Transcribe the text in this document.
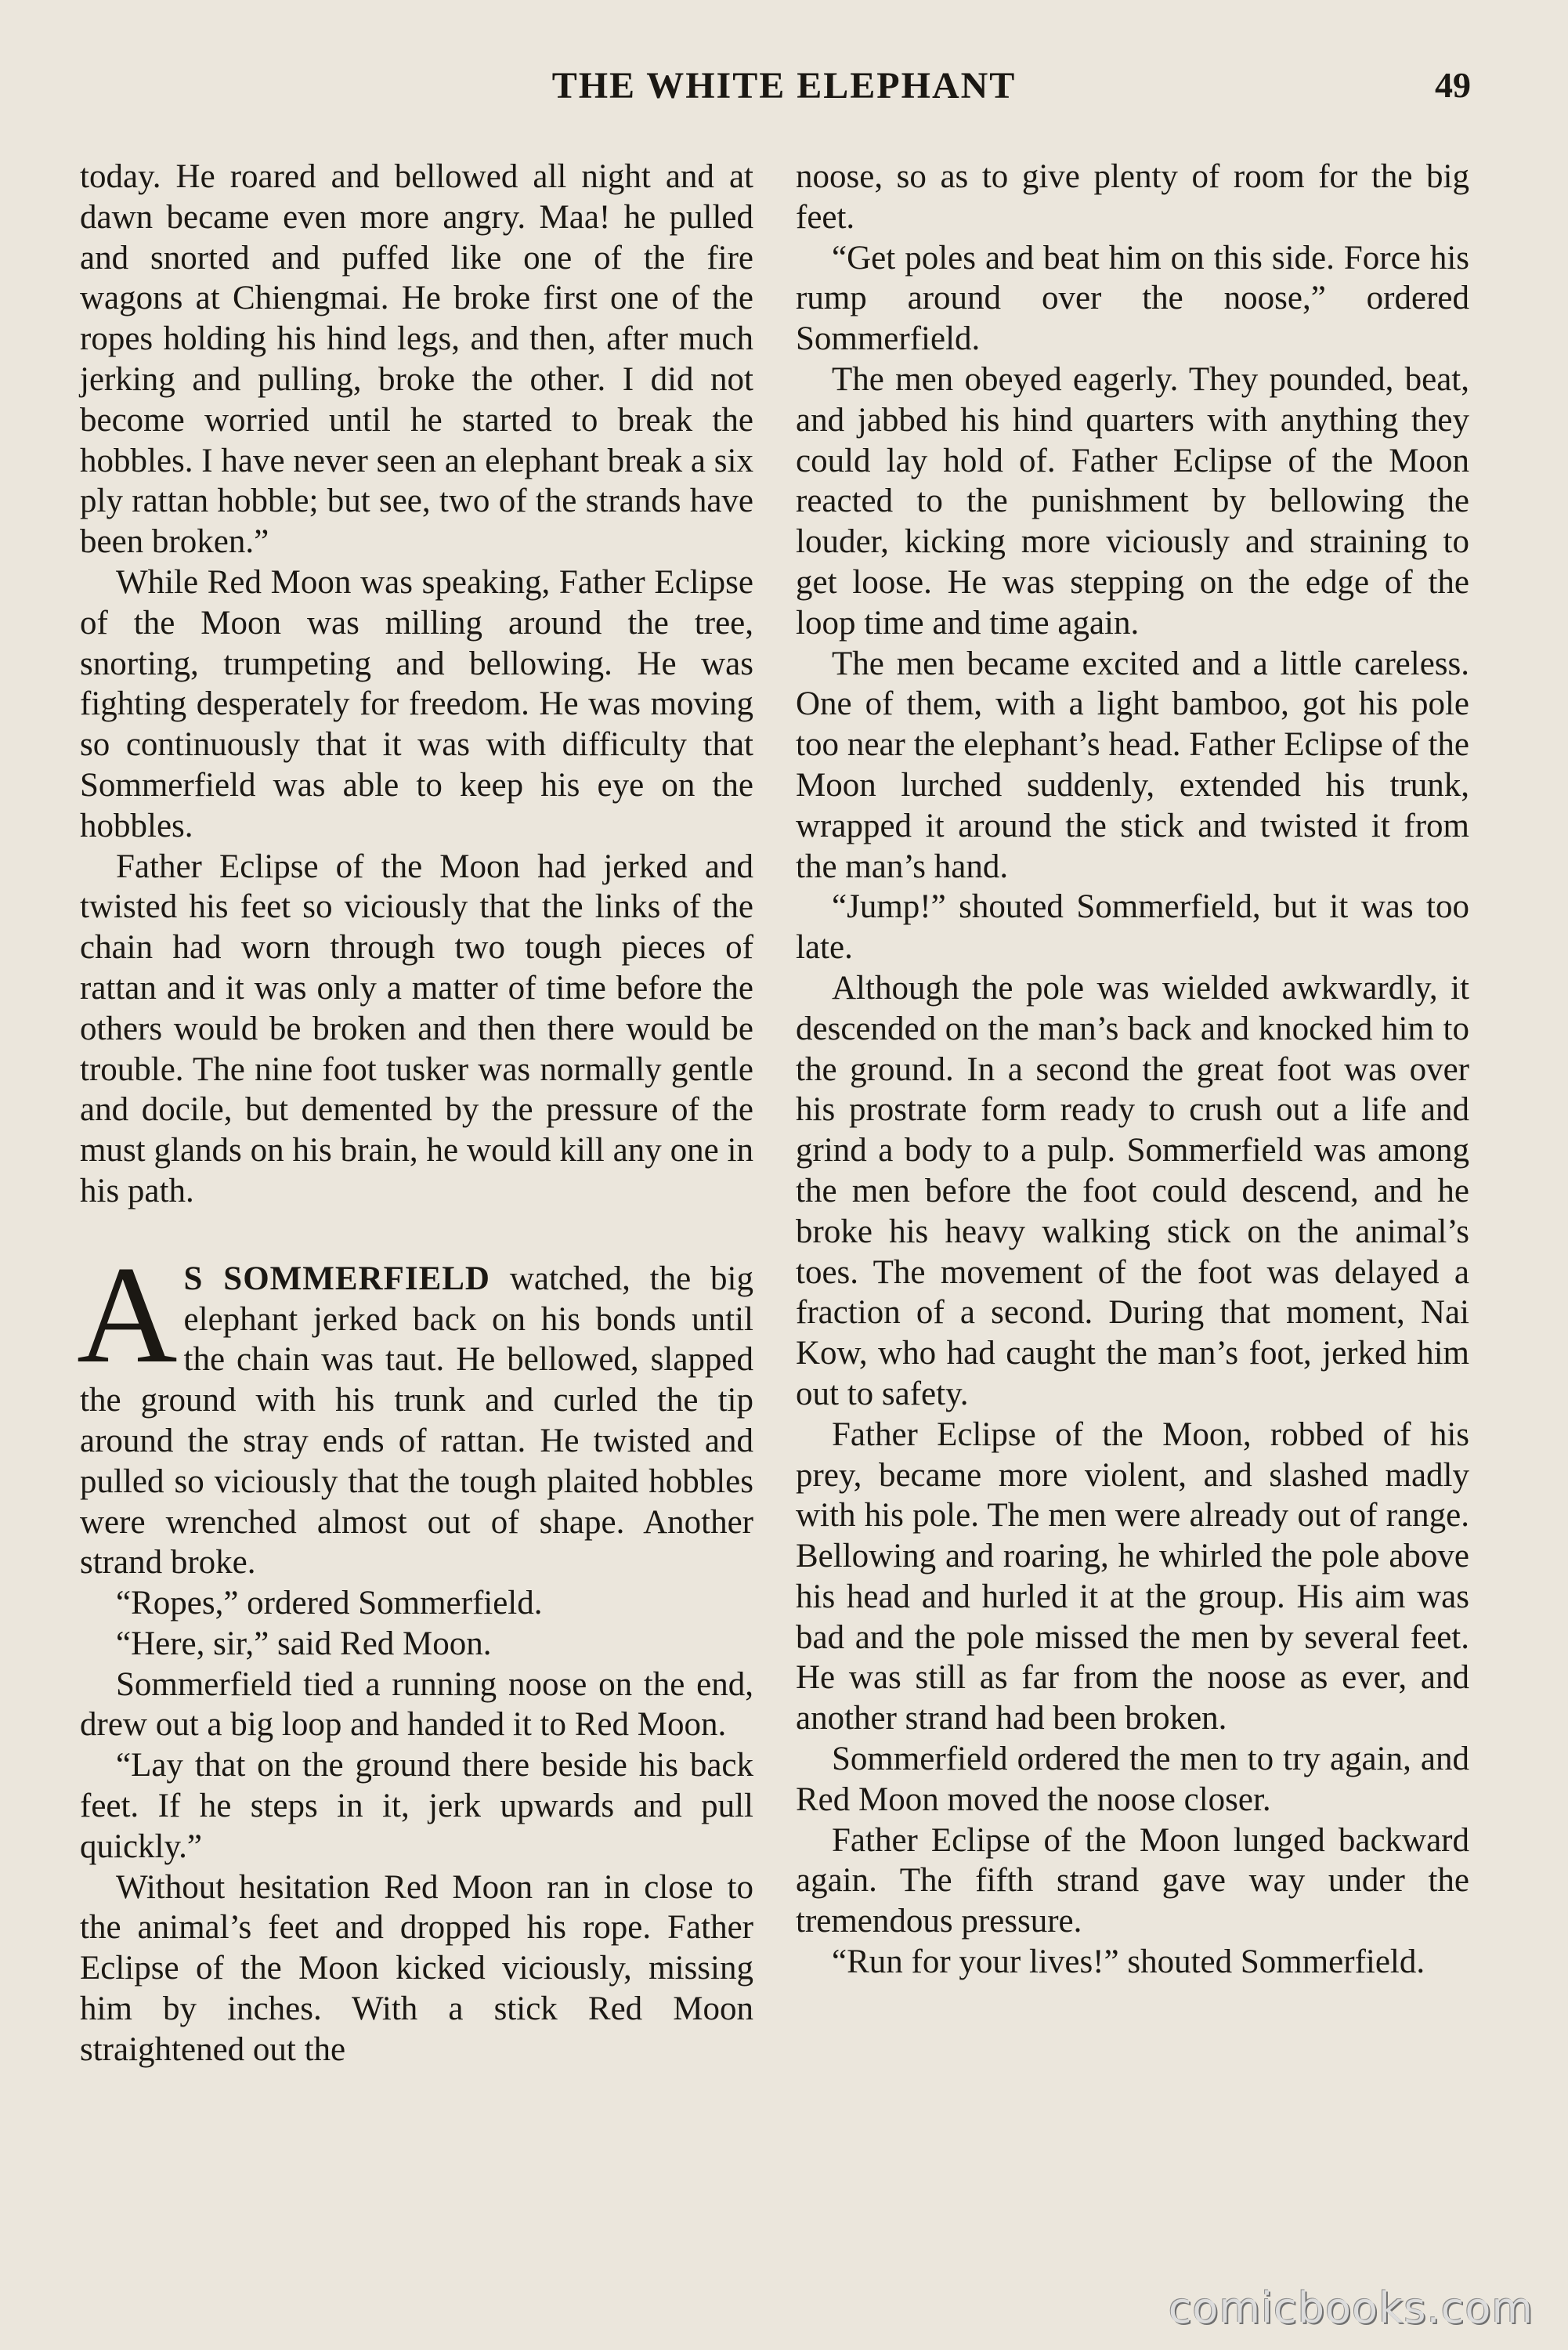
THE WHITE ELEPHANT	49

today. He roared and bellowed all night and at dawn became even more angry. Maa! he pulled and snorted and puffed like one of the fire wagons at Chiengmai. He broke first one of the ropes holding his hind legs, and then, after much jerking and pulling, broke the other. I did not become worried until he started to break the hobbles. I have never seen an elephant break a six ply rattan hobble; but see, two of the strands have been broken.”

While Red Moon was speaking, Father Eclipse of the Moon was milling around the tree, snorting, trumpeting and bellowing. He was fighting desperately for freedom. He was moving so continuously that it was with difficulty that Sommerfield was able to keep his eye on the hobbles.

Father Eclipse of the Moon had jerked and twisted his feet so viciously that the links of the chain had worn through two tough pieces of rattan and it was only a matter of time before the others would be broken and then there would be trouble. The nine foot tusker was normally gentle and docile, but demented by the pressure of the must glands on his brain, he would kill any one in his path.

A S SOMMERFIELD watched, the big elephant jerked back on his bonds until the chain was taut. He bellowed, slapped the ground with his trunk and curled the tip around the stray ends of rattan. He twisted and pulled so viciously that the tough plaited hobbles were wrenched almost out of shape. Another strand broke.

“Ropes,” ordered Sommerfield.

“Here, sir,” said Red Moon.

Sommerfield tied a running noose on the end, drew out a big loop and handed it to Red Moon.

“Lay that on the ground there beside his back feet. If he steps in it, jerk upwards and pull quickly.”

Without hesitation Red Moon ran in close to the animal’s feet and dropped his rope. Father Eclipse of the Moon kicked viciously, missing him by inches. With a stick Red Moon straightened out the

noose, so as to give plenty of room for the big feet.

“Get poles and beat him on this side. Force his rump around over the noose,” ordered Sommerfield.

The men obeyed eagerly. They pounded, beat, and jabbed his hind quarters with anything they could lay hold of. Father Eclipse of the Moon reacted to the punishment by bellowing the louder, kicking more viciously and straining to get loose. He was stepping on the edge of the loop time and time again.

The men became excited and a little careless. One of them, with a light bamboo, got his pole too near the elephant’s head. Father Eclipse of the Moon lurched suddenly, extended his trunk, wrapped it around the stick and twisted it from the man’s hand.

“Jump!” shouted Sommerfield, but it was too late.

Although the pole was wielded awkwardly, it descended on the man’s back and knocked him to the ground. In a second the great foot was over his prostrate form ready to crush out a life and grind a body to a pulp. Sommerfield was among the men before the foot could descend, and he broke his heavy walking stick on the animal’s toes. The movement of the foot was delayed a fraction of a second. During that moment, Nai Kow, who had caught the man’s foot, jerked him out to safety.

Father Eclipse of the Moon, robbed of his prey, became more violent, and slashed madly with his pole. The men were already out of range. Bellowing and roaring, he whirled the pole above his head and hurled it at the group. His aim was bad and the pole missed the men by several feet. He was still as far from the noose as ever, and another strand had been broken.

Sommerfield ordered the men to try again, and Red Moon moved the noose closer.

Father Eclipse of the Moon lunged backward again. The fifth strand gave way under the tremendous pressure.

“Run for your lives!” shouted Sommerfield.

comicbooks.com
